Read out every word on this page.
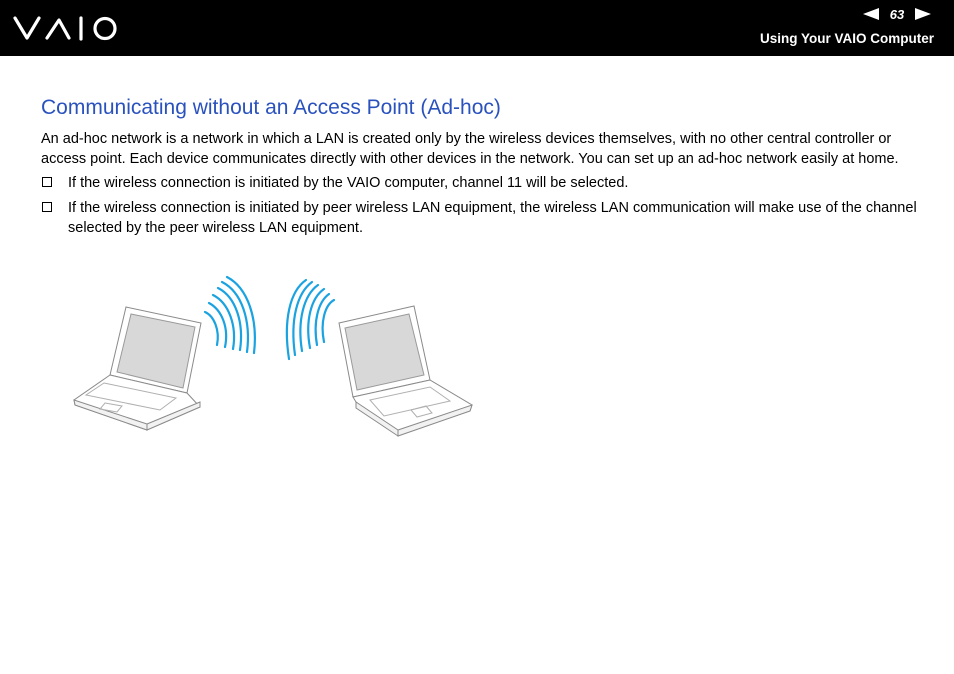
63
Using Your VAIO Computer
Communicating without an Access Point (Ad-hoc)

An ad-hoc network is a network in which a LAN is created only by the wireless devices themselves, with no other central controller or access point. Each device communicates directly with other devices in the network. You can set up an ad-hoc network easily at home.

If the wireless connection is initiated by the VAIO computer, channel 11 will be selected.
If the wireless connection is initiated by peer wireless LAN equipment, the wireless LAN communication will make use of the channel selected by the peer wireless LAN equipment.
